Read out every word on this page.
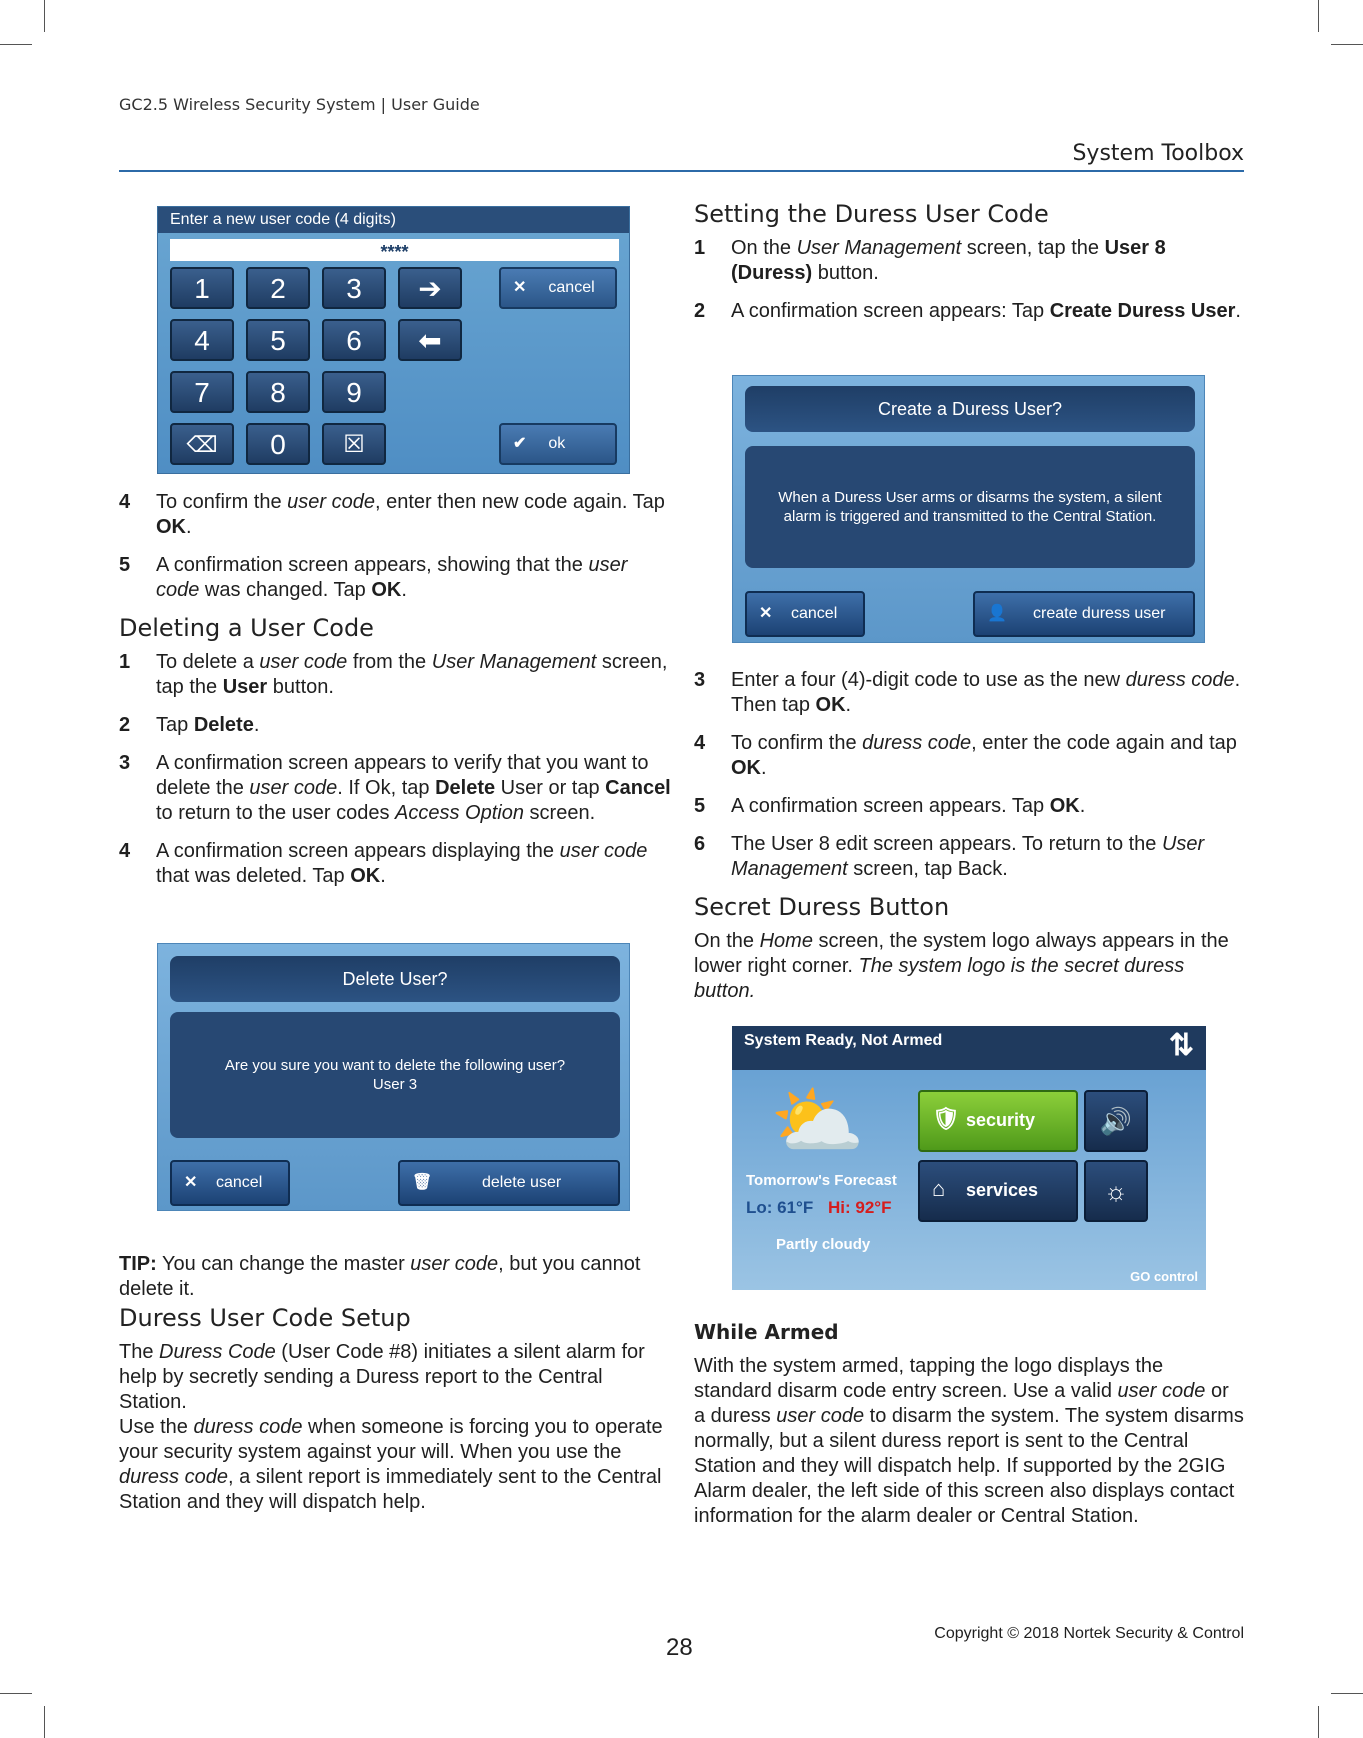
GC2.5 Wireless Security System | User Guide
System Toolbox
Enter a new user code (4 digits)
****
1	2	3	➔
4	5	6	⬅
7	8	9
⌫	0	☒
✕ cancel
✔ ok
4 To confirm the user code, enter then new code again. Tap OK.
5 A confirmation screen appears, showing that the user code was changed. Tap OK.
Deleting a User Code
1 To delete a user code from the User Management screen, tap the User button.
2 Tap Delete.
3 A confirmation screen appears to verify that you want to delete the user code. If Ok, tap Delete User or tap Cancel to return to the user codes Access Option screen.
4 A confirmation screen appears displaying the user code that was deleted. Tap OK.
Delete User?
Are you sure you want to delete the following user?
User 3
✕ cancel	🗑	delete user

TIP: You can change the master user code, but you cannot delete it.

Duress User Code Setup

The Duress Code (User Code #8) initiates a silent alarm for help by secretly sending a Duress report to the Central Station.

Use the duress code when someone is forcing you to operate your security system against your will. When you use the duress code, a silent report is immediately sent to the Central Station and they will dispatch help.

Setting the Duress User Code
1 On the User Management screen, tap the User 8 (Duress) button.
2 A confirmation screen appears: Tap Create Duress User.
Create a Duress User?
When a Duress User arms or disarms the system, a silent
alarm is triggered and transmitted to the Central Station.
✕ cancel	👤 create duress user
3 Enter a four (4)-digit code to use as the new duress code. Then tap OK.
4 To confirm the duress code, enter the code again and tap OK.
5 A confirmation screen appears. Tap OK.
6 The User 8 edit screen appears. To return to the User Management screen, tap Back.
Secret Duress Button

On the Home screen, the system logo always appears in the lower right corner. The system logo is the secret duress button.

System Ready, Not Armed	⇅
⛅
Tomorrow's Forecast
Lo: 61°F Hi: 92°F
Partly cloudy
🛡 security
⌂ services
🔊
☼
GO control
While Armed

With the system armed, tapping the logo displays the standard disarm code entry screen. Use a valid user code or a duress user code to disarm the system. The system disarms normally, but a silent duress report is sent to the Central Station and they will dispatch help. If supported by the 2GIG Alarm dealer, the left side of this screen also displays contact information for the alarm dealer or Central Station.

28
Copyright © 2018 Nortek Security & Control
